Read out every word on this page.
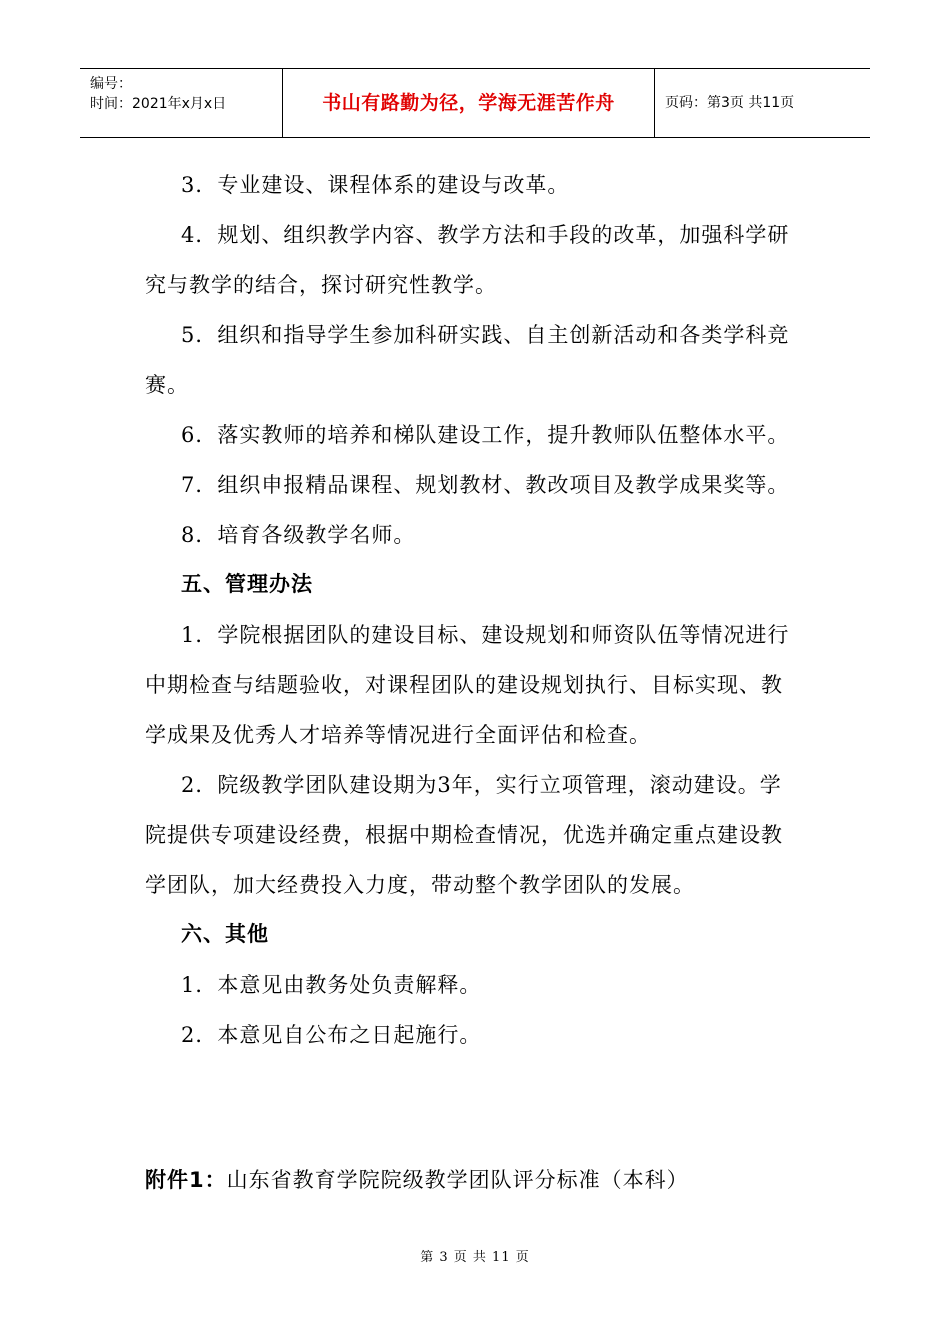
编号：
时间：2021年x月x日	书山有路勤为径，学海无涯苦作舟	页码：第3页 共11页
3．专业建设、课程体系的建设与改革。
4．规划、组织教学内容、教学方法和手段的改革，加强科学研
究与教学的结合，探讨研究性教学。
5．组织和指导学生参加科研实践、自主创新活动和各类学科竞
赛。
6．落实教师的培养和梯队建设工作，提升教师队伍整体水平。
7．组织申报精品课程、规划教材、教改项目及教学成果奖等。
8．培育各级教学名师。
五、管理办法
1．学院根据团队的建设目标、建设规划和师资队伍等情况进行
中期检查与结题验收，对课程团队的建设规划执行、目标实现、教
学成果及优秀人才培养等情况进行全面评估和检查。
2．院级教学团队建设期为3年，实行立项管理，滚动建设。学
院提供专项建设经费，根据中期检查情况，优选并确定重点建设教
学团队，加大经费投入力度，带动整个教学团队的发展。
六、其他
1．本意见由教务处负责解释。
2．本意见自公布之日起施行。
附件1：山东省教育学院院级教学团队评分标准（本科）
第 3 页 共 11 页
